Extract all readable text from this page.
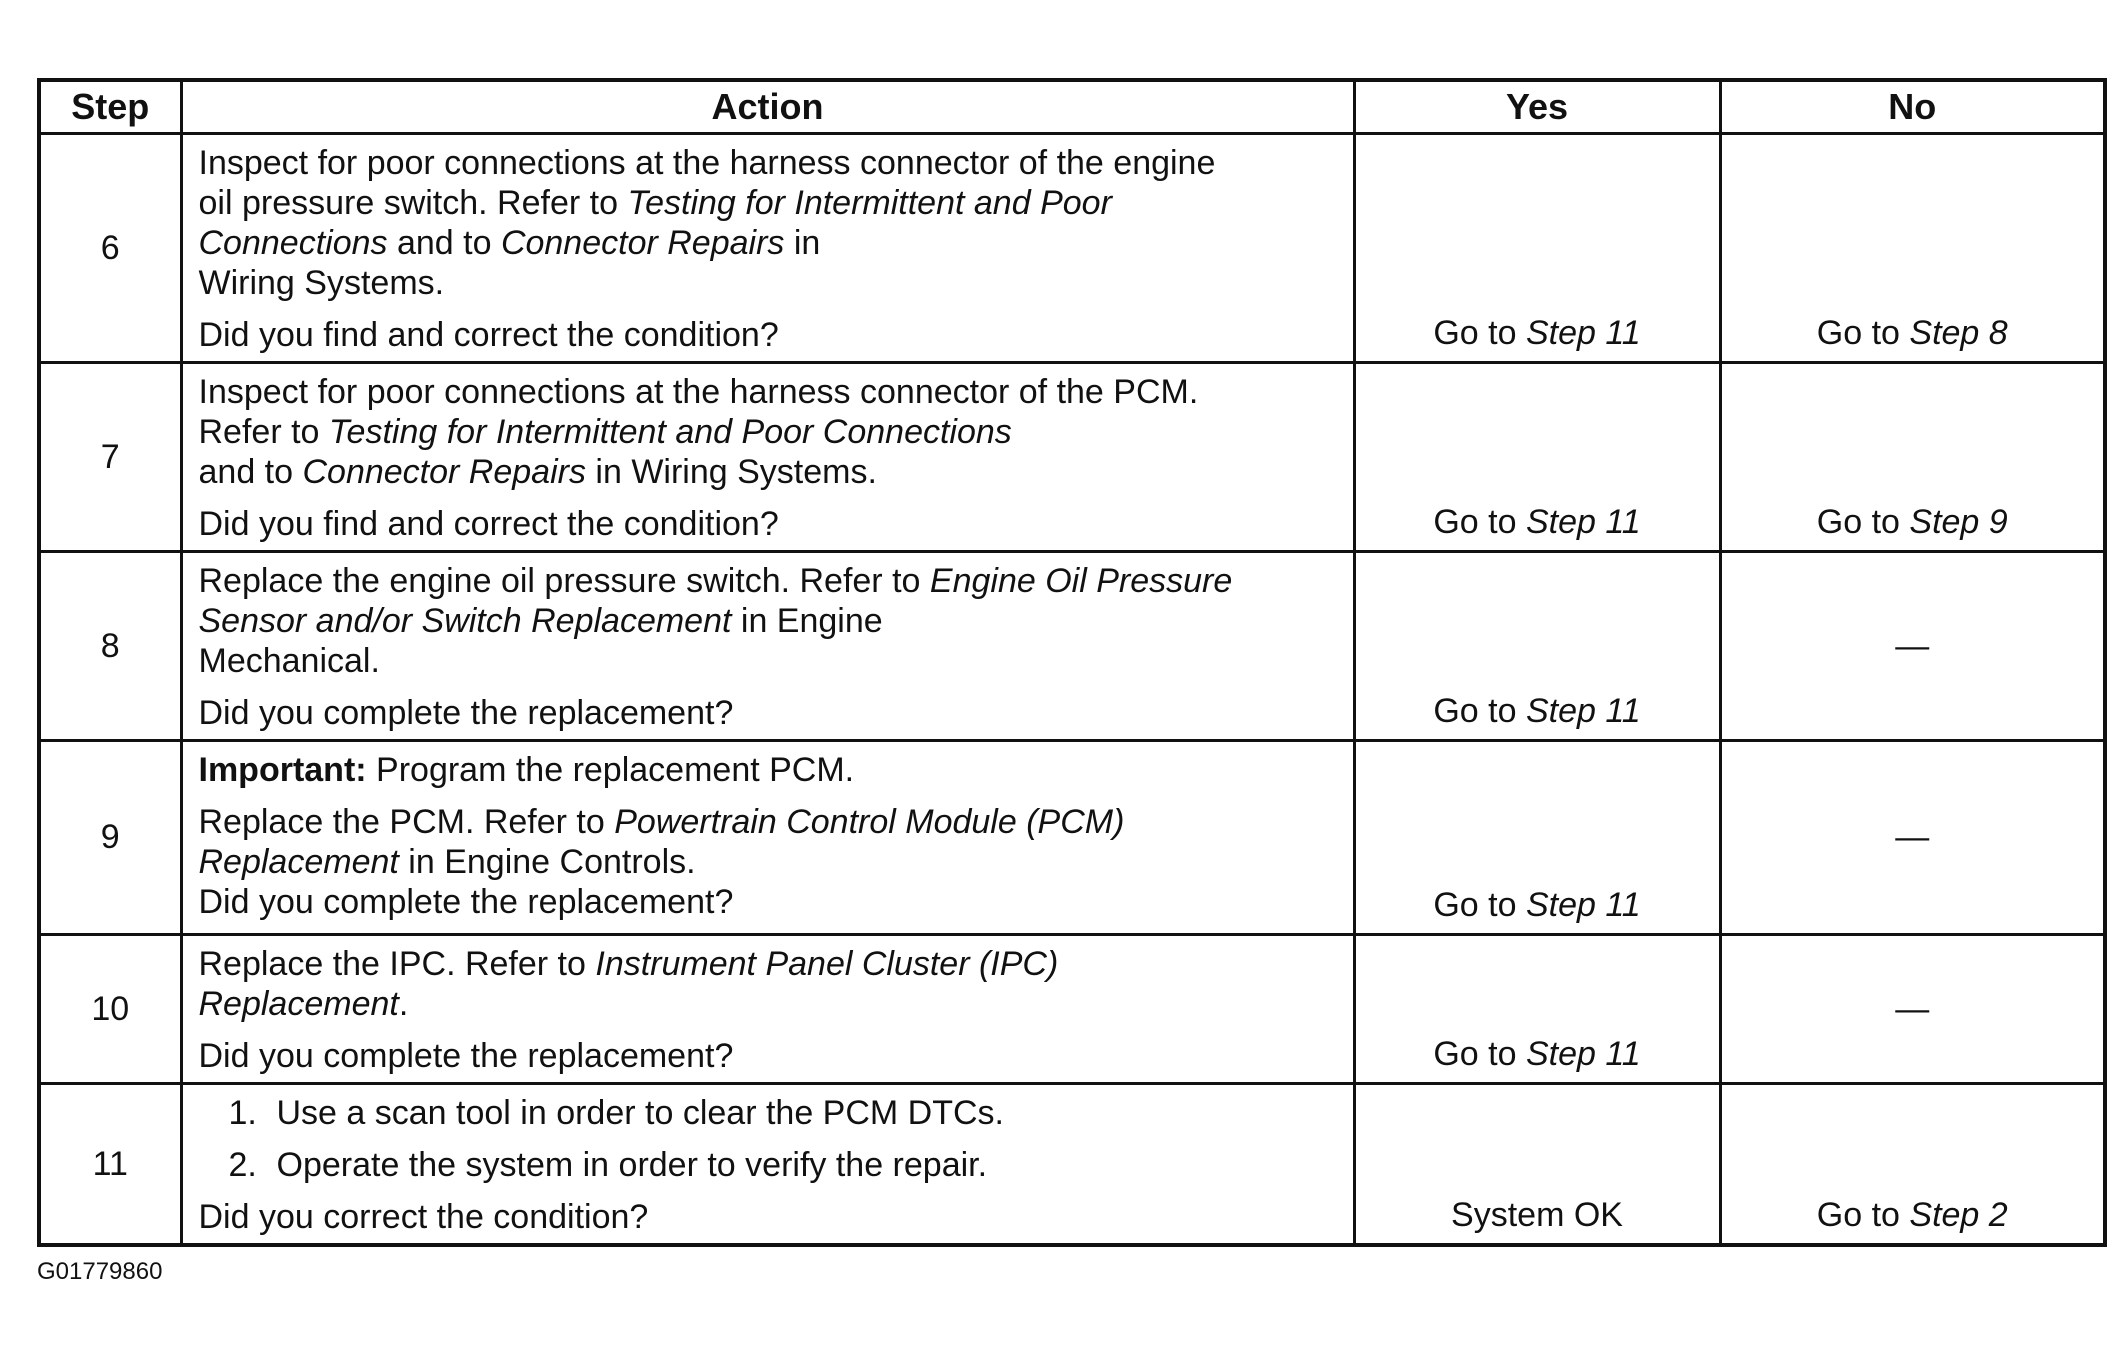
Step	Action	Yes	No
6	Inspect for poor connections at the harness connector of the engine

oil pressure switch. Refer to Testing for Intermittent and Poor

Connections and to Connector Repairs in

Wiring Systems.

Did you find and correct the condition?	Go to Step 11	Go to Step 8
7	Inspect for poor connections at the harness connector of the PCM.

Refer to Testing for Intermittent and Poor Connections

and to Connector Repairs in Wiring Systems.

Did you find and correct the condition?	Go to Step 11	Go to Step 9
8	Replace the engine oil pressure switch. Refer to Engine Oil Pressure

Sensor and/or Switch Replacement in Engine

Mechanical.

Did you complete the replacement?	Go to Step 11	—
9	Important: Program the replacement PCM.

Replace the PCM. Refer to Powertrain Control Module (PCM)

Replacement in Engine Controls.

Did you complete the replacement?	Go to Step 11	—
10	Replace the IPC. Refer to Instrument Panel Cluster (IPC)

Replacement.

Did you complete the replacement?	Go to Step 11	—
11	1. Use a scan tool in order to clear the PCM DTCs.

2. Operate the system in order to verify the repair.

Did you correct the condition?	System OK	Go to Step 2
G01779860
